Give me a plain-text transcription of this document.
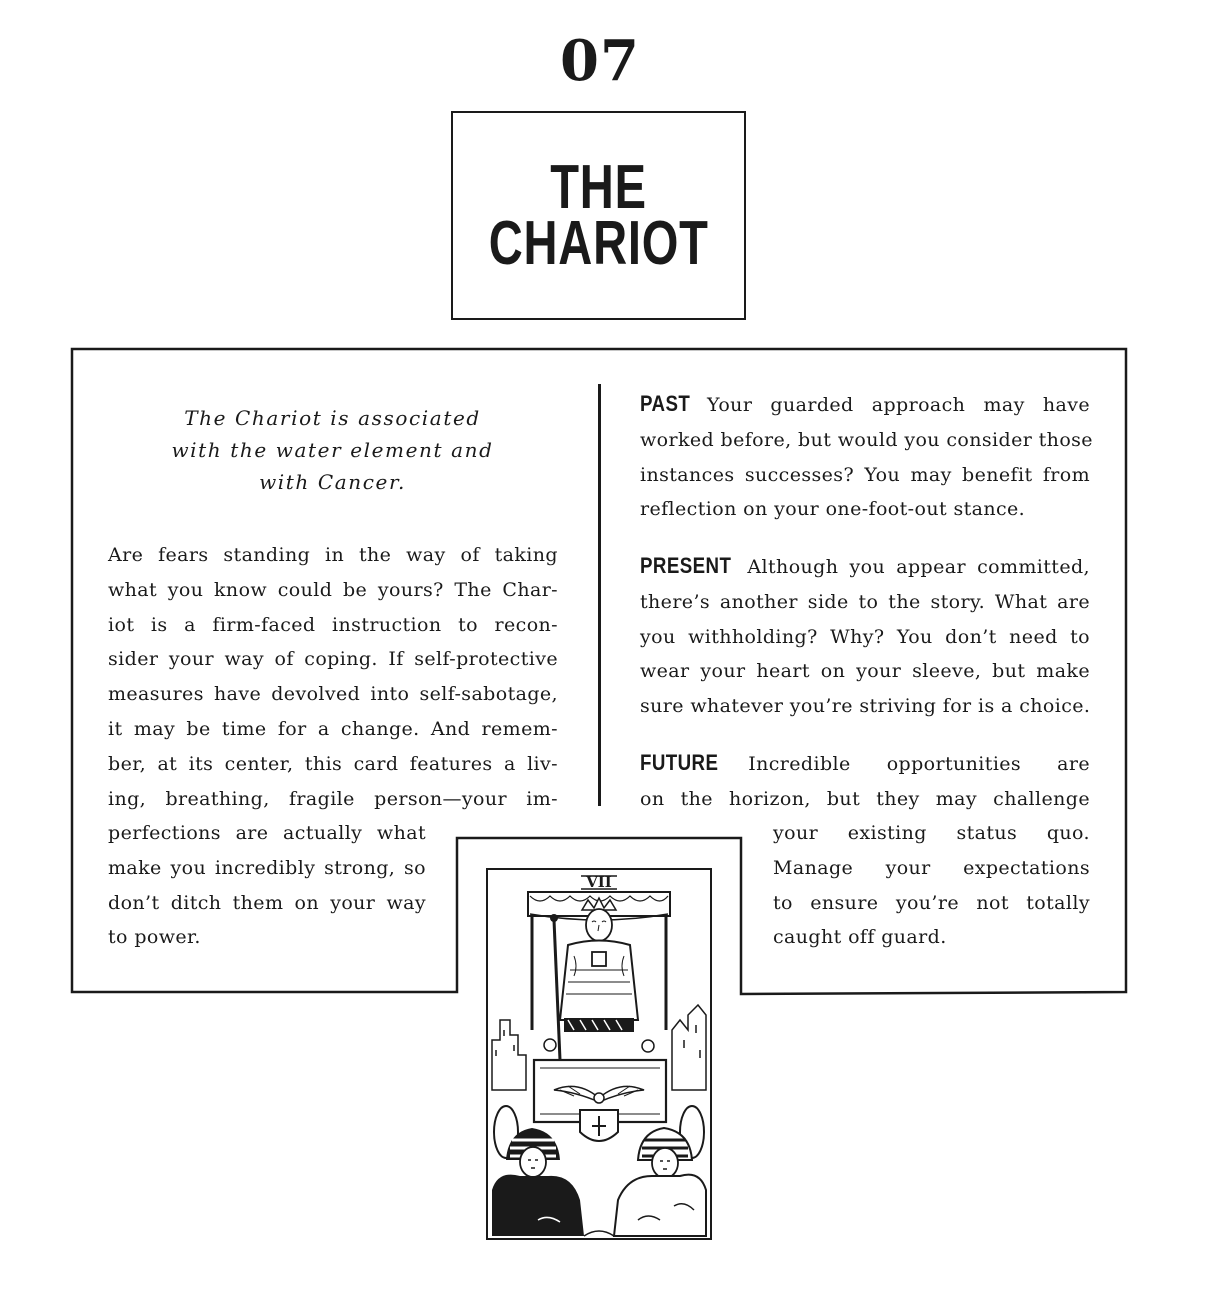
07
THE
CHARIOT
The Chariot is associated
with the water element and
with Cancer.
Are fears standing in the way of taking
what you know could be yours? The Char-
iot is a firm-faced instruction to recon-
sider your way of coping. If self-protective
measures have devolved into self-sabotage,
it may be time for a change. And remem-
ber, at its center, this card features a liv-
ing, breathing, fragile person—your im-
perfections are actually what
make you incredibly strong, so
don’t ditch them on your way
to power.
PAST Your guarded approach may have
worked before, but would you consider those
instances successes? You may benefit from
reflection on your one-foot-out stance.
PRESENT Although you appear committed,
there’s another side to the story. What are
you withholding? Why? You don’t need to
wear your heart on your sleeve, but make
sure whatever you’re striving for is a choice.
FUTURE Incredible opportunities are
on the horizon, but they may challenge
your existing status quo.
Manage your expectations
to ensure you’re not totally
caught off guard.
VII
